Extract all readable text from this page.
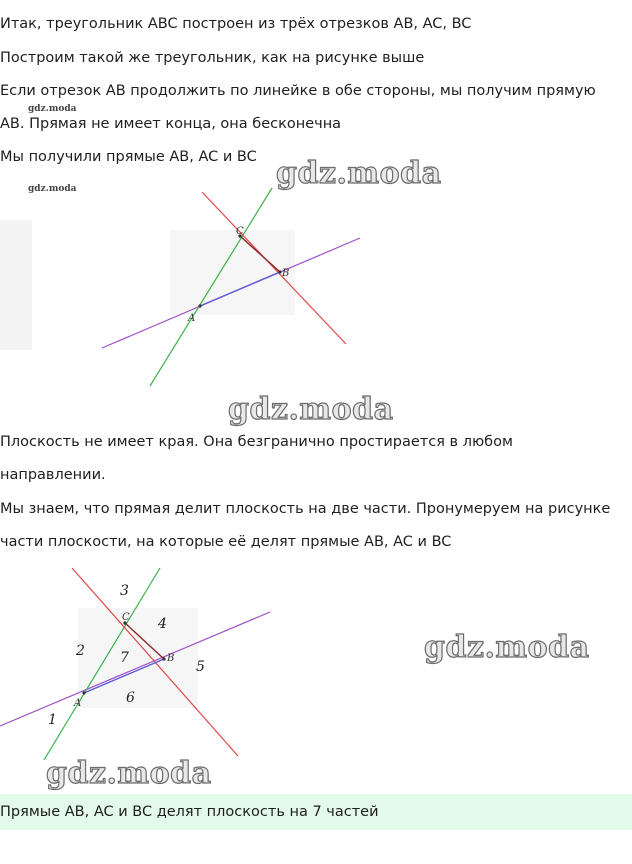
Итак, треугольник ABC построен из трёх отрезков AB, AC, BC
Построим такой же треугольник, как на рисунке выше
Если отрезок AB продолжить по линейке в обе стороны, мы получим прямую
gdz.moda
AB. Прямая не имеет конца, она бесконечна
Мы получили прямые AB, AC и BC
A
B
C
gdz.moda	gdz.moda
gdz.moda
Плоскость не имеет края. Она безгранично простирается в любом
направлении.
Мы знаем, что прямая делит плоскость на две части. Пронумеруем на рисунке
части плоскости, на которые её делят прямые AB, AC и BC
A
B
C
1
2
3
4
5
6
7	gdz.moda
gdz.moda
Прямые AB, AC и BC делят плоскость на 7 частей
